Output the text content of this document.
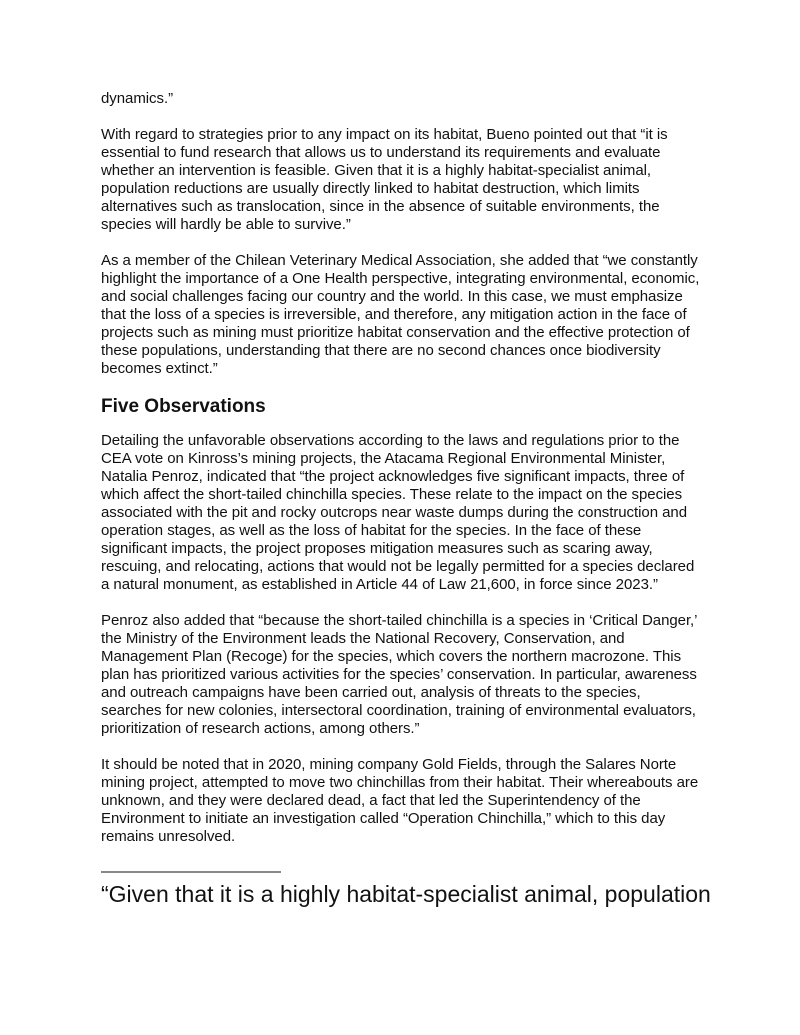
dynamics.”

With regard to strategies prior to any impact on its habitat, Bueno pointed out that “it is essential to fund research that allows us to understand its requirements and evaluate whether an intervention is feasible. Given that it is a highly habitat-specialist animal, population reductions are usually directly linked to habitat destruction, which limits alternatives such as translocation, since in the absence of suitable environments, the species will hardly be able to survive.”

As a member of the Chilean Veterinary Medical Association, she added that “we constantly highlight the importance of a One Health perspective, integrating environmental, economic, and social challenges facing our country and the world. In this case, we must emphasize that the loss of a species is irreversible, and therefore, any mitigation action in the face of projects such as mining must prioritize habitat conservation and the effective protection of these populations, understanding that there are no second chances once biodiversity becomes extinct.”

Five Observations

Detailing the unfavorable observations according to the laws and regulations prior to the CEA vote on Kinross’s mining projects, the Atacama Regional Environmental Minister, Natalia Penroz, indicated that “the project acknowledges five significant impacts, three of which affect the short-tailed chinchilla species. These relate to the impact on the species associated with the pit and rocky outcrops near waste dumps during the construction and operation stages, as well as the loss of habitat for the species. In the face of these significant impacts, the project proposes mitigation measures such as scaring away, rescuing, and relocating, actions that would not be legally permitted for a species declared a natural monument, as established in Article 44 of Law 21,600, in force since 2023.”

Penroz also added that “because the short-tailed chinchilla is a species in ‘Critical Danger,’ the Ministry of the Environment leads the National Recovery, Conservation, and Management Plan (Recoge) for the species, which covers the northern macrozone. This plan has prioritized various activities for the species’ conservation. In particular, awareness and outreach campaigns have been carried out, analysis of threats to the species, searches for new colonies, intersectoral coordination, training of environmental evaluators, prioritization of research actions, among others.”

It should be noted that in 2020, mining company Gold Fields, through the Salares Norte mining project, attempted to move two chinchillas from their habitat. Their whereabouts are unknown, and they were declared dead, a fact that led the Superintendency of the Environment to initiate an investigation called “Operation Chinchilla,” which to this day remains unresolved.

————————————

“Given that it is a highly habitat-specialist animal, population
